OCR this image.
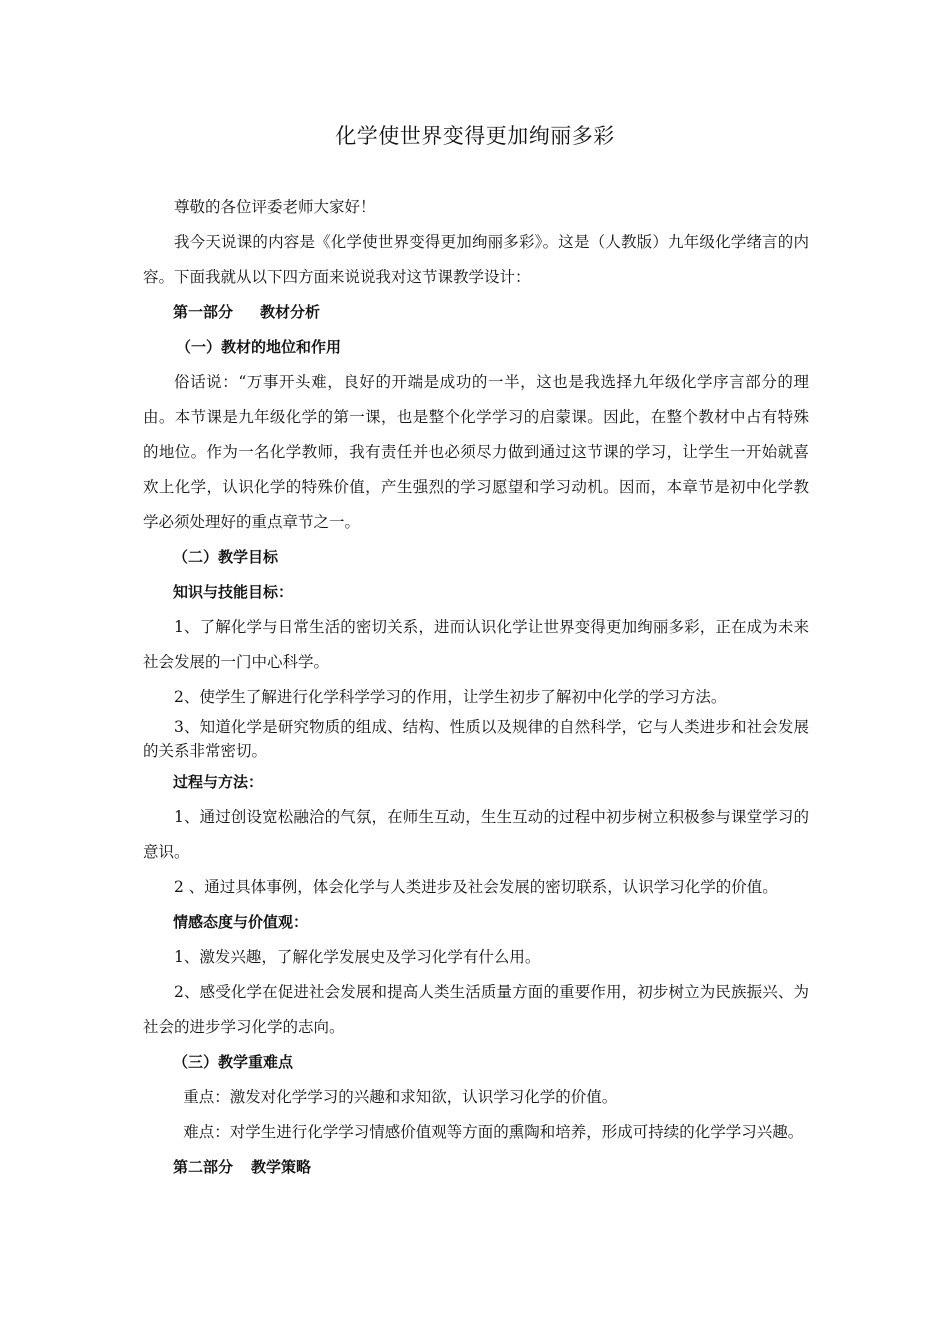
化学使世界变得更加绚丽多彩

尊敬的各位评委老师大家好！

我今天说课的内容是《化学使世界变得更加绚丽多彩》。这是（人教版）九年级化学绪言的内容。下面我就从以下四方面来说说我对这节课教学设计：

第一部分 教材分析

（一）教材的地位和作用

俗话说：“万事开头难，良好的开端是成功的一半，这也是我选择九年级化学序言部分的理由。本节课是九年级化学的第一课，也是整个化学学习的启蒙课。因此，在整个教材中占有特殊的地位。作为一名化学教师，我有责任并也必须尽力做到通过这节课的学习，让学生一开始就喜欢上化学，认识化学的特殊价值，产生强烈的学习愿望和学习动机。因而，本章节是初中化学教学必须处理好的重点章节之一。

（二）教学目标

知识与技能目标：

1、了解化学与日常生活的密切关系，进而认识化学让世界变得更加绚丽多彩，正在成为未来社会发展的一门中心科学。

2、使学生了解进行化学科学学习的作用，让学生初步了解初中化学的学习方法。

3、知道化学是研究物质的组成、结构、性质以及规律的自然科学，它与人类进步和社会发展的关系非常密切。

过程与方法：

1、通过创设宽松融洽的气氛，在师生互动，生生互动的过程中初步树立积极参与课堂学习的意识。

2 、通过具体事例，体会化学与人类进步及社会发展的密切联系，认识学习化学的价值。

情感态度与价值观：

1、激发兴趣，了解化学发展史及学习化学有什么用。

2、感受化学在促进社会发展和提高人类生活质量方面的重要作用，初步树立为民族振兴、为社会的进步学习化学的志向。

（三）教学重难点

重点：激发对化学学习的兴趣和求知欲，认识学习化学的价值。

难点：对学生进行化学学习情感价值观等方面的熏陶和培养，形成可持续的化学学习兴趣。

第二部分 教学策略
